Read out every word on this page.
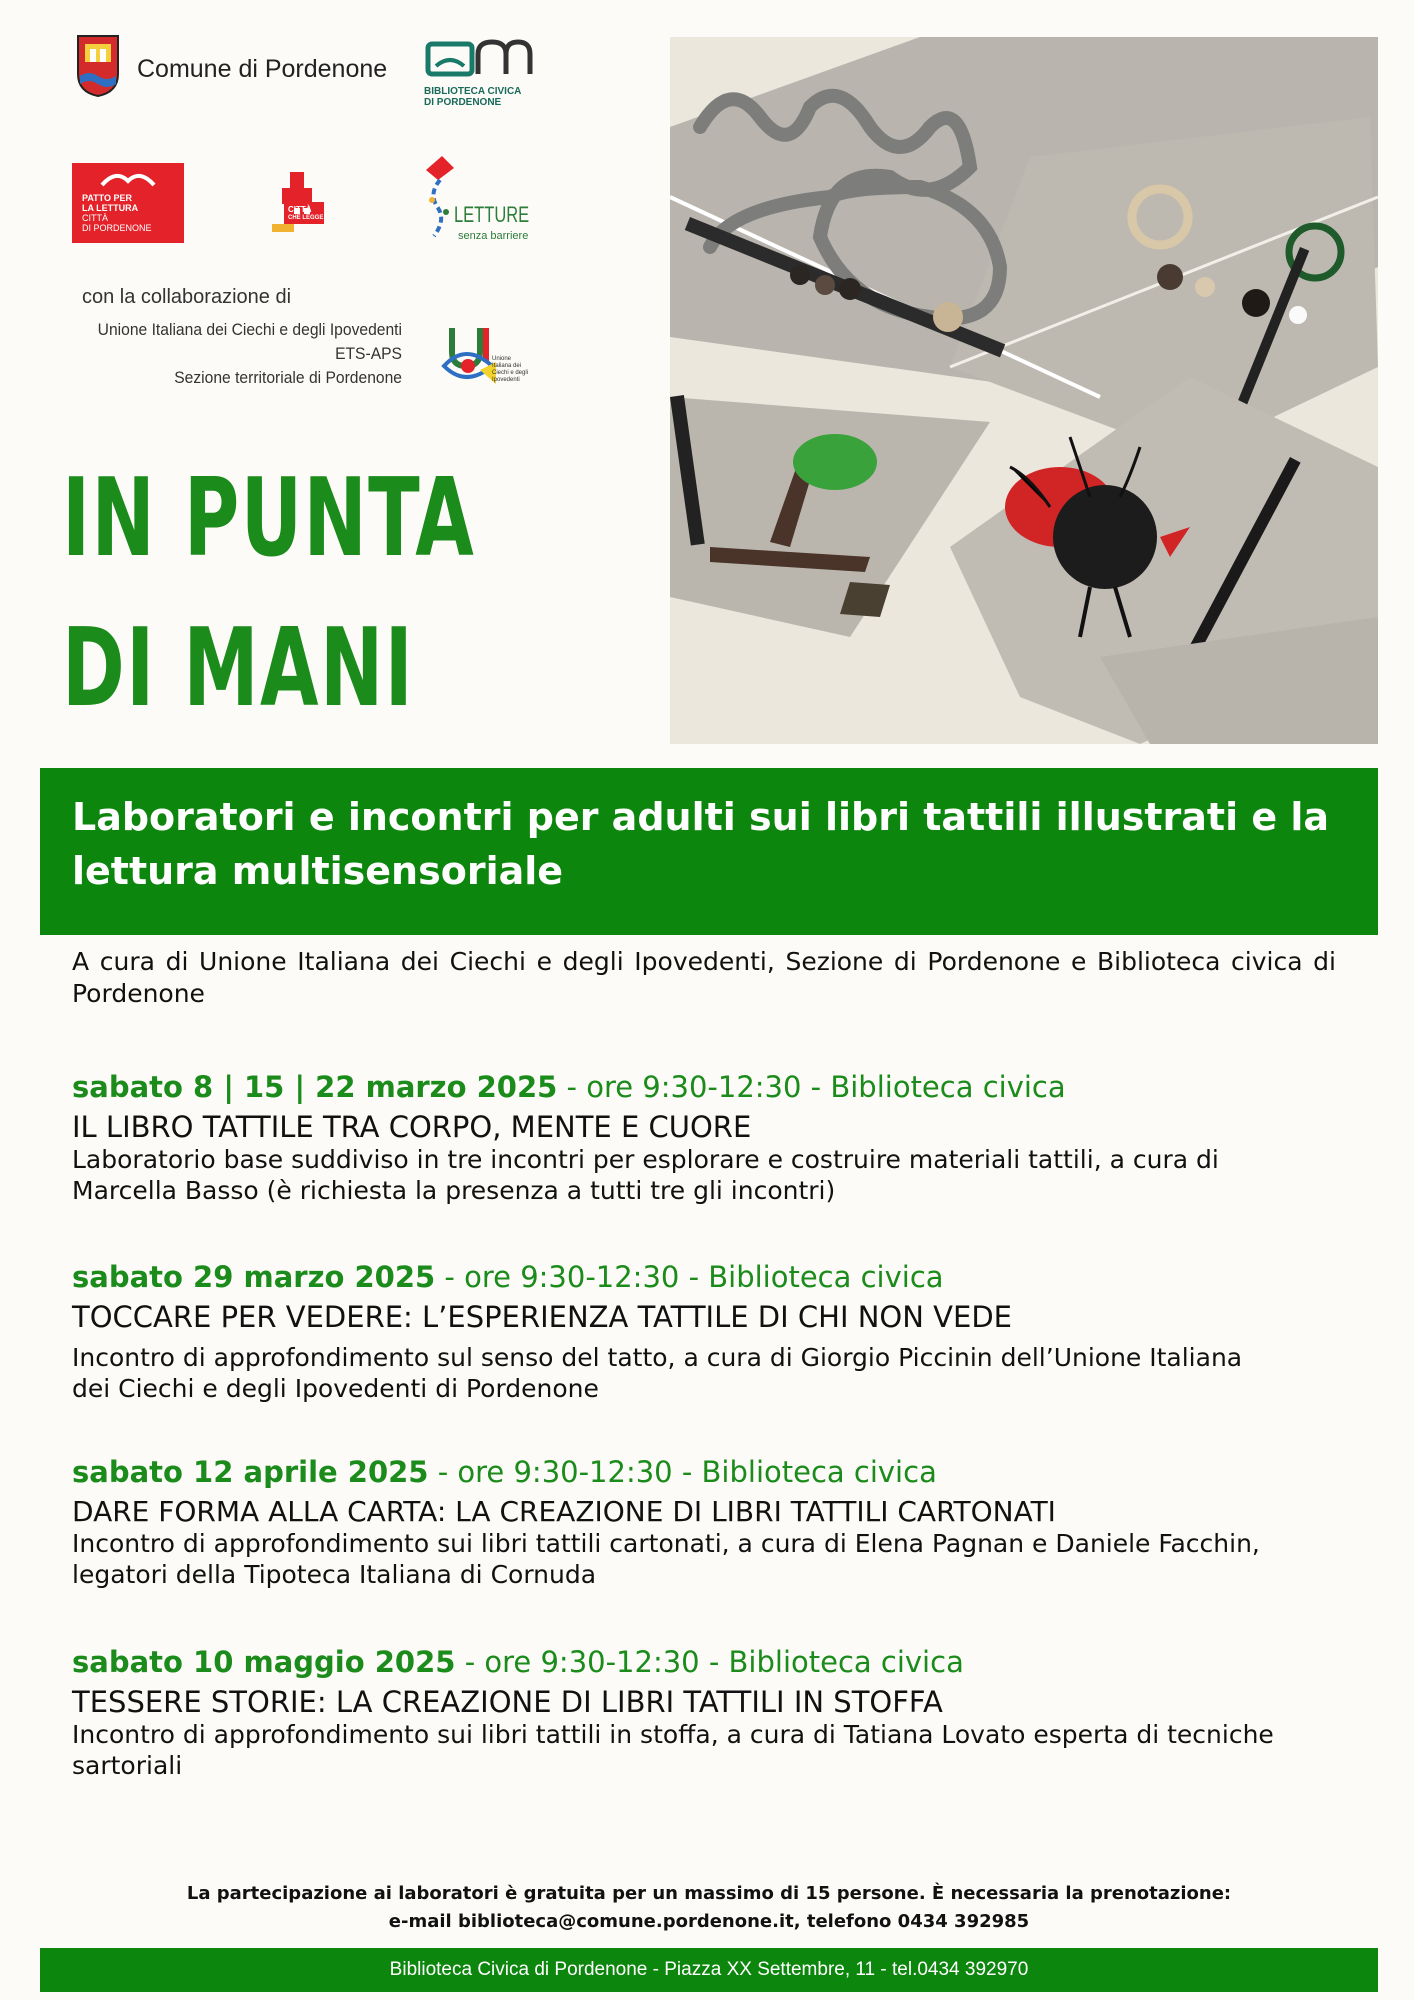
Comune di Pordenone
BIBLIOTECA CIVICA
DI PORDENONE
PATTO PER
LA LETTURA
CITTÀ
DI PORDENONE
CITTÀ
CHE LEGGE	LETTURE
senza barriere
con la collaborazione di
Unione Italiana dei Ciechi e degli Ipovedenti
ETS-APS
Sezione territoriale di Pordenone
Unione
Italiana dei
Ciechi e degli
Ipovedenti
IN PUNTA
DI MANI
Laboratori e incontri per adulti sui libri tattili illustrati e la lettura multisensoriale
A cura di Unione Italiana dei Ciechi e degli Ipovedenti, Sezione di Pordenone e Biblioteca civica di Pordenone
sabato 8 | 15 | 22 marzo 2025 - ore 9:30-12:30 - Biblioteca civica
IL LIBRO TATTILE TRA CORPO, MENTE E CUORE
Laboratorio base suddiviso in tre incontri per esplorare e costruire materiali tattili, a cura di Marcella Basso (è richiesta la presenza a tutti tre gli incontri)
sabato 29 marzo 2025 - ore 9:30-12:30 - Biblioteca civica
TOCCARE PER VEDERE: L’ESPERIENZA TATTILE DI CHI NON VEDE
Incontro di approfondimento sul senso del tatto, a cura di Giorgio Piccinin dell’Unione Italiana dei Ciechi e degli Ipovedenti di Pordenone
sabato 12 aprile 2025 - ore 9:30-12:30 - Biblioteca civica
DARE FORMA ALLA CARTA: LA CREAZIONE DI LIBRI TATTILI CARTONATI
Incontro di approfondimento sui libri tattili cartonati, a cura di Elena Pagnan e Daniele Facchin, legatori della Tipoteca Italiana di Cornuda
sabato 10 maggio 2025 - ore 9:30-12:30 - Biblioteca civica
TESSERE STORIE: LA CREAZIONE DI LIBRI TATTILI IN STOFFA
Incontro di approfondimento sui libri tattili in stoffa, a cura di Tatiana Lovato esperta di tecniche sartoriali
La partecipazione ai laboratori è gratuita per un massimo di 15 persone. È necessaria la prenotazione:
e-mail biblioteca@comune.pordenone.it, telefono 0434 392985
Biblioteca Civica di Pordenone - Piazza XX Settembre, 11 - tel.0434 392970
